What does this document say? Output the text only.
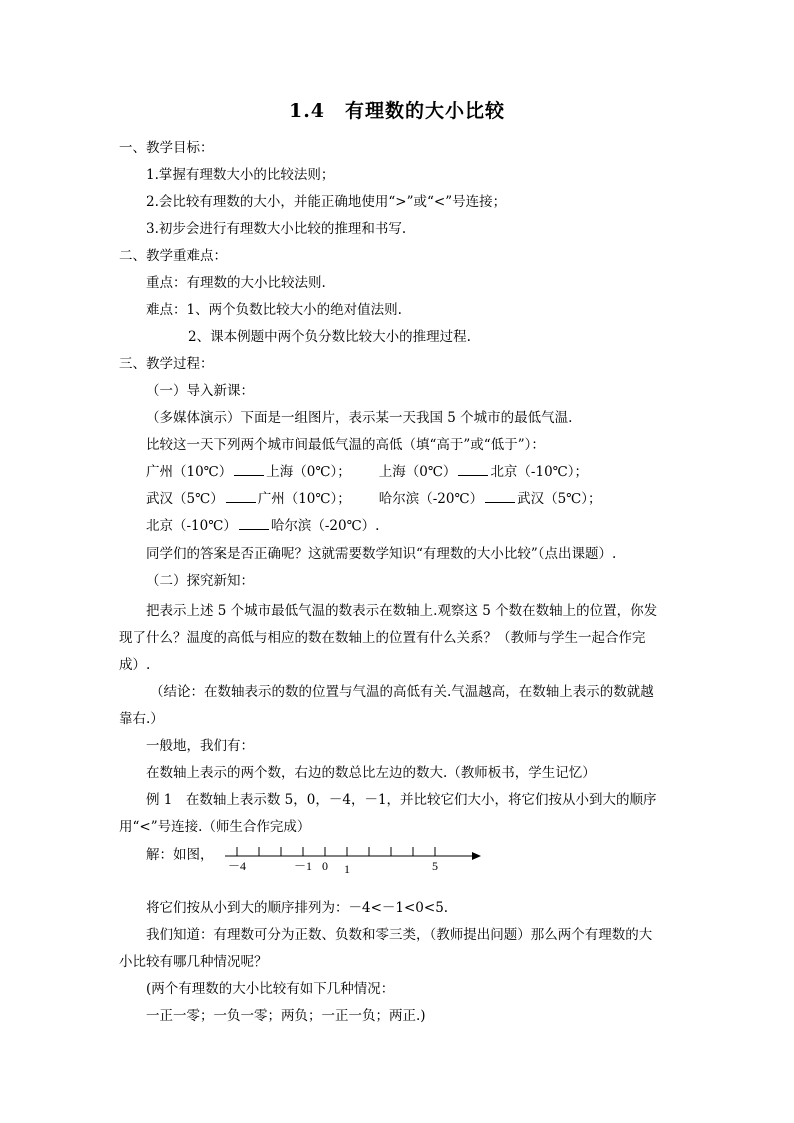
1.4　有理数的大小比较
一、教学目标：
1.掌握有理数大小的比较法则；
2.会比较有理数的大小，并能正确地使用“>”或“<”号连接；
3.初步会进行有理数大小比较的推理和书写.
二、教学重难点：
重点：有理数的大小比较法则.
难点：1、两个负数比较大小的绝对值法则.
2、课本例题中两个负分数比较大小的推理过程.
三、教学过程：
（一）导入新课：
（多媒体演示）下面是一组图片，表示某一天我国 5 个城市的最低气温.
比较这一天下列两个城市间最低气温的高低（填“高于”或“低于”）：
广州（10℃）	上海（0℃）； 上海（0℃）	北京（-10℃）；
武汉（5℃）	广州（10℃）； 哈尔滨（-20℃）	武汉（5℃）；
北京（-10℃）	哈尔滨（-20℃）.
同学们的答案是否正确呢？这就需要数学知识“有理数的大小比较”（点出课题）.
（二）探究新知：
把表示上述 5 个城市最低气温的数表示在数轴上.观察这 5 个数在数轴上的位置，你发
现了什么？温度的高低与相应的数在数轴上的位置有什么关系？（教师与学生一起合作完
成）.
（结论：在数轴表示的数的位置与气温的高低有关.气温越高，在数轴上表示的数就越
靠右.）
一般地，我们有：
在数轴上表示的两个数，右边的数总比左边的数大.（教师板书，学生记忆）
例 1　在数轴上表示数 5，0，－4，－1，并比较它们大小，将它们按从小到大的顺序
用“<”号连接.（师生合作完成）
解：如图，
－4	－1 0 1	5
将它们按从小到大的顺序排列为：－4<－1<0<5.
我们知道：有理数可分为正数、负数和零三类，（教师提出问题）那么两个有理数的大
小比较有哪几种情况呢？
(两个有理数的大小比较有如下几种情况：
一正一零；一负一零；两负；一正一负；两正.)
